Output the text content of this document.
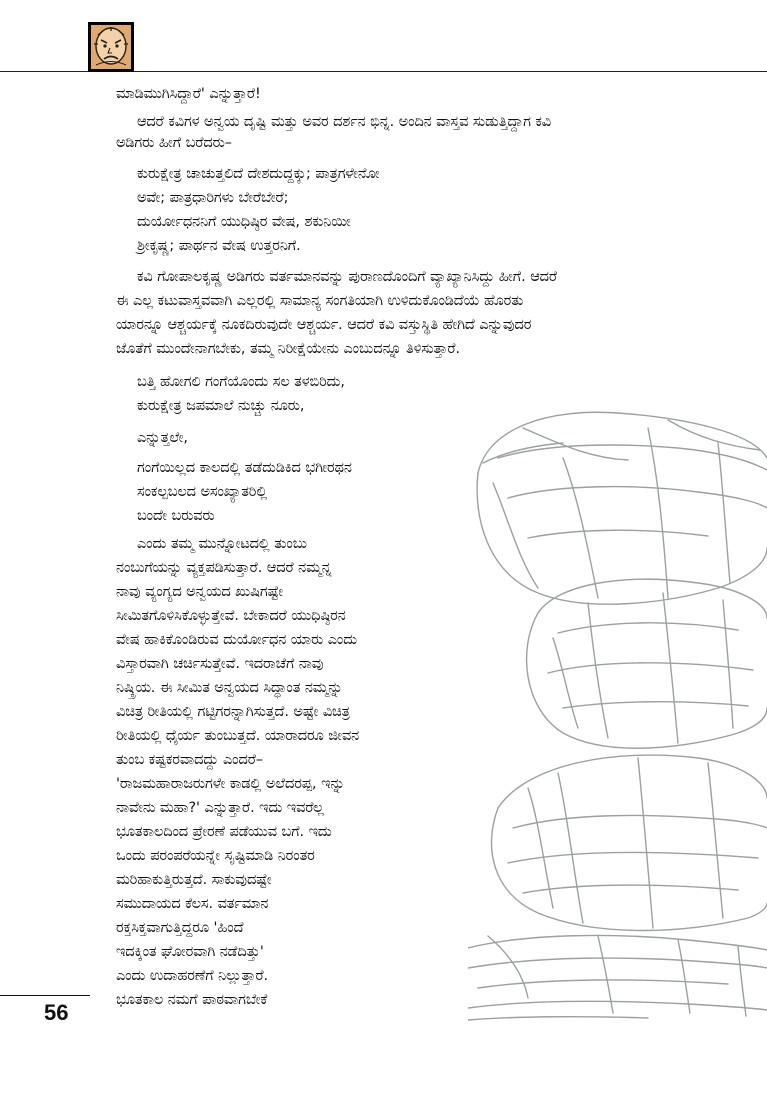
ಮಾಡಿಮುಗಿಸಿದ್ದಾರೆ' ಎನ್ನುತ್ತಾರೆ!
ಆದರೆ ಕವಿಗಳ ಅನ್ವಯ ದೃಷ್ಟಿ ಮತ್ತು ಅವರ ದರ್ಶನ ಭಿನ್ನ. ಅಂದಿನ ವಾಸ್ತವ ಸುಡುತ್ತಿದ್ದಾಗ ಕವಿ
ಅಡಿಗರು ಹೀಗೆ ಬರೆದರು–
ಕುರುಕ್ಷೇತ್ರ ಚಾಚುತ್ತಲಿದೆ ದೇಶದುದ್ದಕ್ಕು; ಪಾತ್ರಗಳೇನೋ
ಅವೇ; ಪಾತ್ರಧಾರಿಗಳು ಬೇರೆಬೇರೆ;
ದುರ್ಯೋಧನನಿಗೆ ಯುಧಿಷ್ಠಿರ ವೇಷ, ಶಕುನಿಯೀ
ಶ್ರೀಕೃಷ್ಣ; ಪಾರ್ಥನ ವೇಷ ಉತ್ತರನಿಗೆ.
ಕವಿ ಗೋಪಾಲಕೃಷ್ಣ ಅಡಿಗರು ವರ್ತಮಾನವನ್ನು ಪುರಾಣದೊಂದಿಗೆ ವ್ಯಾಖ್ಯಾನಿಸಿದ್ದು ಹೀಗೆ. ಆದರೆ
ಈ ಎಲ್ಲ ಕಟುವಾಸ್ತವವಾಗಿ ಎಲ್ಲರಲ್ಲಿ ಸಾಮಾನ್ಯ ಸಂಗತಿಯಾಗಿ ಉಳಿದುಕೊಂಡಿದೆಯೆ ಹೊರತು
ಯಾರನ್ನೂ ಆಶ್ಚರ್ಯಕ್ಕೆ ನೂಕದಿರುವುದೇ ಆಶ್ಚರ್ಯ. ಆದರೆ ಕವಿ ವಸ್ತುಸ್ಥಿತಿ ಹೇಗಿದೆ ಎನ್ನುವುದರ
ಜೊತೆಗೆ ಮುಂದೇನಾಗಬೇಕು, ತಮ್ಮ ನಿರೀಕ್ಷೆಯೇನು ಎಂಬುದನ್ನೂ ತಿಳಿಸುತ್ತಾರೆ.
ಬತ್ತಿ ಹೋಗಲಿ ಗಂಗೆಯೊಂದು ಸಲ ತಳಬಿರಿದು,
ಕುರುಕ್ಷೇತ್ರ ಜಪಮಾಲೆ ನುಚ್ಚು ನೂರು,
ಎನ್ನುತ್ತಲೇ,
ಗಂಗೆಯಿಲ್ಲದ ಕಾಲದಲ್ಲಿ ತಡೆದುಡಿಕಿದ ಭಗೀರಥನ
ಸಂಕಲ್ಪಬಲದ ಅಸಂಖ್ಯಾತರಿಲ್ಲಿ
ಬಂದೇ ಬರುವರು
ಎಂದು ತಮ್ಮ ಮುನ್ನೋಟದಲ್ಲಿ ತುಂಬು
ನಂಬುಗೆಯನ್ನು ವ್ಯಕ್ತಪಡಿಸುತ್ತಾರೆ. ಆದರೆ ನಮ್ಮನ್ನ
ನಾವು ವ್ಯಂಗ್ಯದ ಅನ್ವಯದ ಖುಷಿಗಷ್ಟೇ
ಸೀಮಿತಗೊಳಿಸಿಕೊಳ್ಳುತ್ತೇವೆ. ಬೇಕಾದರೆ ಯುಧಿಷ್ಠಿರನ
ವೇಷ ಹಾಕಿಕೊಂಡಿರುವ ದುರ್ಯೋಧನ ಯಾರು ಎಂದು
ವಿಸ್ತಾರವಾಗಿ ಚರ್ಚಿಸುತ್ತೇವೆ. ಇದರಾಚೆಗೆ ನಾವು
ನಿಷ್ಕ್ರಿಯ. ಈ ಸೀಮಿತ ಅನ್ವಯದ ಸಿದ್ಧಾಂತ ನಮ್ಮನ್ನು
ವಿಚಿತ್ರ ರೀತಿಯಲ್ಲಿ ಗಟ್ಟಿಗರನ್ನಾಗಿಸುತ್ತದೆ. ಅಷ್ಟೇ ವಿಚಿತ್ರ
ರೀತಿಯಲ್ಲಿ ಧೈರ್ಯ ತುಂಬುತ್ತದೆ. ಯಾರಾದರೂ ಜೀವನ
ತುಂಬ ಕಷ್ಟಕರವಾದದ್ದು ಎಂದರೆ–
'ರಾಜಮಹಾರಾಜರುಗಳೇ ಕಾಡಲ್ಲಿ ಅಲೆದರಪ್ಪ, ಇನ್ನು
ನಾವೇನು ಮಹಾ?' ಎನ್ನುತ್ತಾರೆ. ಇದು ಇವರೆಲ್ಲ
ಭೂತಕಾಲದಿಂದ ಪ್ರೇರಣೆ ಪಡೆಯುವ ಬಗೆ. ಇದು
ಒಂದು ಪರಂಪರೆಯನ್ನೇ ಸೃಷ್ಟಿಮಾಡಿ ನಿರಂತರ
ಮರಿಹಾಕುತ್ತಿರುತ್ತದೆ. ಸಾಕುವುದಷ್ಟೇ
ಸಮುದಾಯದ ಕೆಲಸ. ವರ್ತಮಾನ
ರಕ್ತಸಿಕ್ತವಾಗುತ್ತಿದ್ದರೂ 'ಹಿಂದೆ
ಇದಕ್ಕಿಂತ ಘೋರವಾಗಿ ನಡೆದಿತ್ತು'
ಎಂದು ಉದಾಹರಣೆಗೆ ನಿಲ್ಲುತ್ತಾರೆ.
ಭೂತಕಾಲ ನಮಗೆ ಪಾಠವಾಗಬೇಕೆ
56
